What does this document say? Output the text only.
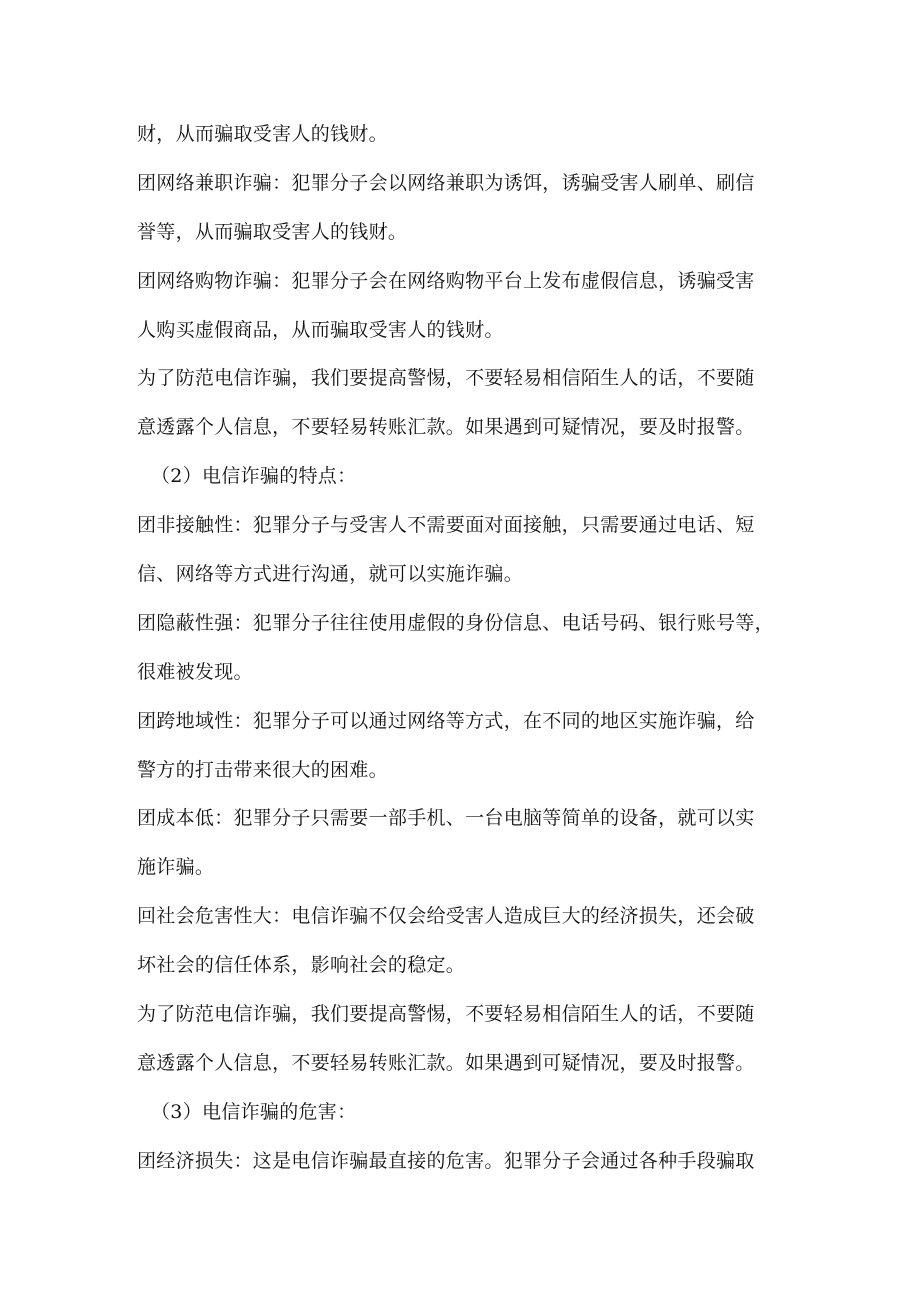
财，从而骗取受害人的钱财。
团网络兼职诈骗：犯罪分子会以网络兼职为诱饵，诱骗受害人刷单、刷信
誉等，从而骗取受害人的钱财。
团网络购物诈骗：犯罪分子会在网络购物平台上发布虚假信息，诱骗受害
人购买虚假商品，从而骗取受害人的钱财。
为了防范电信诈骗，我们要提高警惕，不要轻易相信陌生人的话，不要随
意透露个人信息，不要轻易转账汇款。如果遇到可疑情况，要及时报警。
（2）电信诈骗的特点：
团非接触性：犯罪分子与受害人不需要面对面接触，只需要通过电话、短
信、网络等方式进行沟通，就可以实施诈骗。
团隐蔽性强：犯罪分子往往使用虚假的身份信息、电话号码、银行账号等，
很难被发现。
团跨地域性：犯罪分子可以通过网络等方式，在不同的地区实施诈骗，给
警方的打击带来很大的困难。
团成本低：犯罪分子只需要一部手机、一台电脑等简单的设备，就可以实
施诈骗。
回社会危害性大：电信诈骗不仅会给受害人造成巨大的经济损失，还会破
坏社会的信任体系，影响社会的稳定。
为了防范电信诈骗，我们要提高警惕，不要轻易相信陌生人的话，不要随
意透露个人信息，不要轻易转账汇款。如果遇到可疑情况，要及时报警。
（3）电信诈骗的危害：
团经济损失：这是电信诈骗最直接的危害。犯罪分子会通过各种手段骗取
